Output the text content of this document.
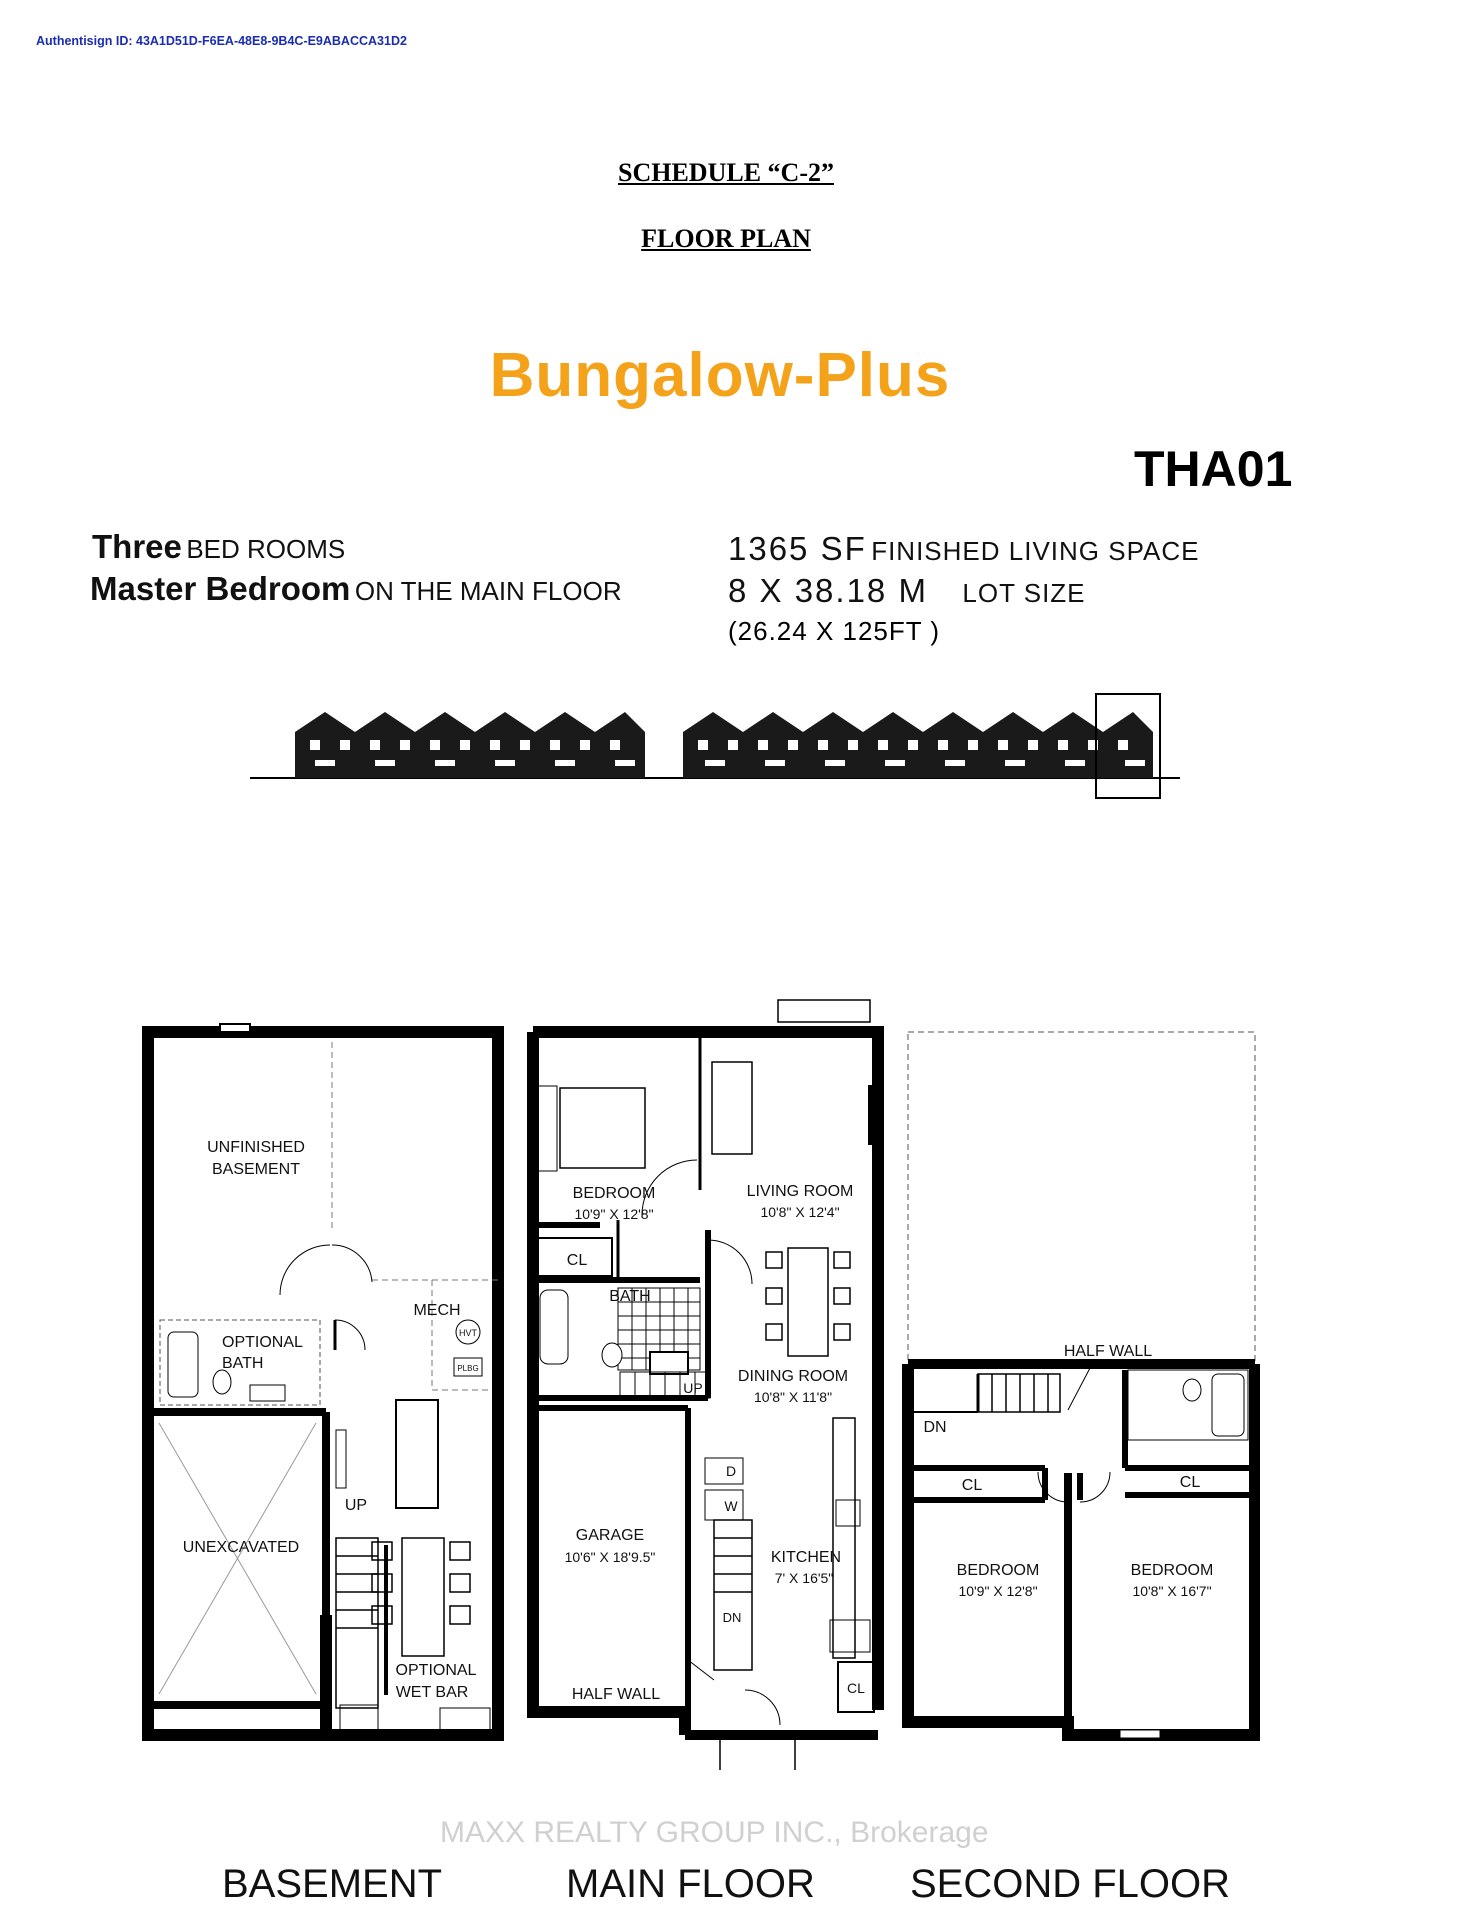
Authentisign ID: 43A1D51D-F6EA-48E8-9B4C-E9ABACCA31D2
SCHEDULE “C-2”
FLOOR PLAN
Bungalow-Plus
THA01
Three BED ROOMS
Master Bedroom ON THE MAIN FLOOR
1365 SF FINISHED LIVING SPACE
8 X 38.18 M LOT SIZE
(26.24 X 125FT )
UNFINISHED
BASEMENT
MECH
HVT
PLBG
OPTIONAL
BATH
UNEXCAVATED
UP
OPTIONAL
WET BAR
BEDROOM
10'9" X 12'8"
LIVING ROOM
10'8" X 12'4"
CL
BATH
UP
DINING ROOM
10'8" X 11'8"
GARAGE
10'6" X 18'9.5"
D
W
KITCHEN
7' X 16'5"
DN
HALF WALL	CL
HALF WALL
DN
CL	CL
BEDROOM
10'9" X 12'8"
BEDROOM
10'8" X 16'7"
MAXX REALTY GROUP INC., Brokerage
BASEMENT	MAIN FLOOR SECOND FLOOR
